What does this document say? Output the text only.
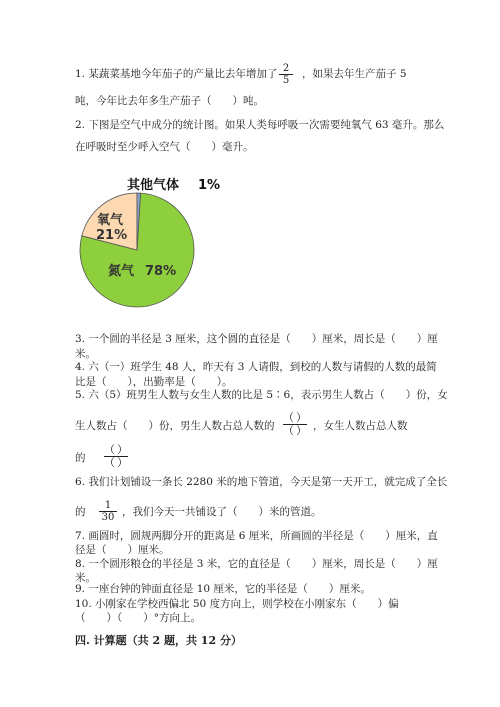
1. 某蔬菜基地今年茄子的产量比去年增加了 $\frac{2}{5}$ ，如果去年生产茄子 5
吨，今年比去年多生产茄子（　　）吨。
2. 下图是空气中成分的统计图。如果人类每呼吸一次需要纯氧气 63 毫升。那么
在呼吸时至少呼入空气（　　）毫升。
其他气体 1%
氧气
21%
氮气 78%
3. 一个圆的半径是 3 厘米，这个圆的直径是（　　）厘米，周长是（　　）厘
米。
4. 六（一）班学生 48 人，昨天有 3 人请假，到校的人数与请假的人数的最简
比是（　　），出勤率是（　　）。
5. 六（5）班男生人数与女生人数的比是 5∶6，表示男生人数占（　　）份，女
生人数占（　　）份，男生人数占总人数的
（）
（） ，女生人数占总人数
的
（）
（）
6. 我们计划铺设一条长 2280 米的地下管道，今天是第一天开工，就完成了全长
的 $\frac{1}{30}$ ，我们今天一共铺设了（　　）米的管道。
7. 画圆时，圆规两脚分开的距离是 6 厘米，所画圆的半径是（　　）厘米，直
径是（　　）厘米。
8. 一个圆形粮仓的半径是 3 米，它的直径是（　　）厘米，周长是（　　）厘
米。
9. 一座台钟的钟面直径是 10 厘米，它的半径是（　　）厘米。
10. 小刚家在学校西偏北 50 度方向上，则学校在小刚家东（　　）偏
（　　）（　　）°方向上。
四. 计算题（共 2 题，共 12 分）
